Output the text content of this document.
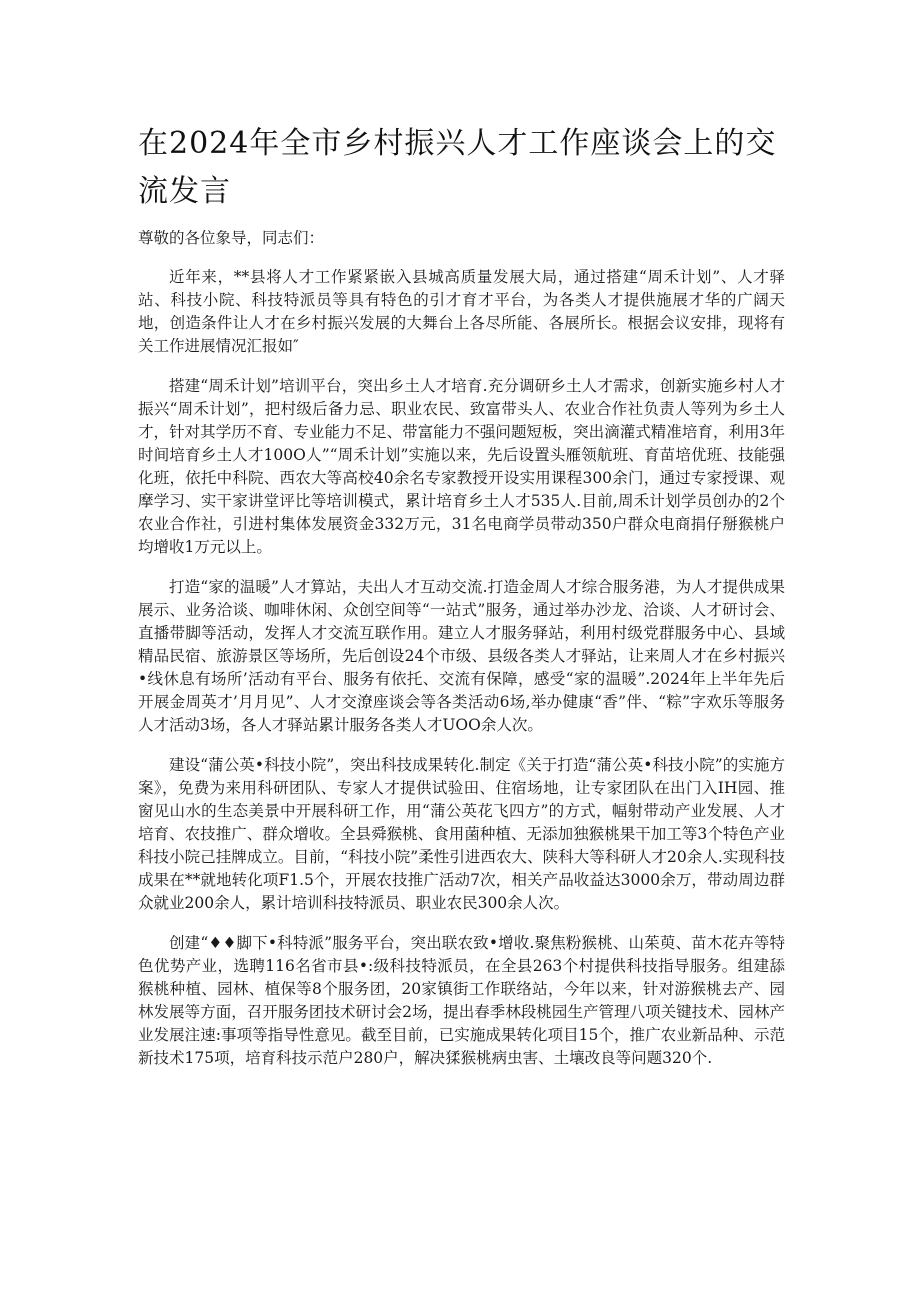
在2024年全市乡村振兴人才工作座谈会上的交流发言

尊敬的各位象导，同志们：

近年来，**县将人才工作紧紧嵌入县城高质量发展大局，通过搭建“周禾计划”、人才驿站、科技小院、科技特派员等具有特色的引才育才平台，为各类人才提供施展才华的广阔天地，创造条件让人才在乡村振兴发展的大舞台上各尽所能、各展所长。根据会议安排，现将有关工作进展情况汇报如″

搭建“周禾计划”培训平台，突出乡土人才培育.充分调研乡土人才需求，创新实施乡村人才振兴“周禾计划”，把村级后备力忌、职业农民、致富带头人、农业合作社负责人等列为乡土人才，针对其学历不育、专业能力不足、带富能力不强问题短板，突出滴灌式精准培育，利用3年时间培育乡土人才100O人”“周禾计划”实施以来，先后设置头雁领航班、育苗培优班、技能强化班，依托中科院、西农大等高校40余名专家教授开设实用课程300余门，通过专家授课、观摩学习、实干家讲堂评比等培训模式，累计培育乡土人才535人.目前,周禾计划学员创办的2个农业合作社，引进村集体发展资金332万元，31名电商学员带动350户群众电商捐仔掰猴桃户均增收1万元以上。

打造“家的温暖”人才算站，夫出人才互动交流.打造金周人才综合服务港，为人才提供成果展示、业务洽谈、咖啡休闲、众创空间等“一站式”服务，通过举办沙龙、洽谈、人才研讨会、直播带脚等活动，发挥人才交流互联作用。建立人才服务驿站，利用村级党群服务中心、县域精品民宿、旅游景区等场所，先后创设24个市级、县级各类人才驿站，让来周人才在乡村振兴•线休息有场所’活动有平台、服务有依托、交流有保障，感受“家的温暖”.2024年上半年先后开展金周英才’月月见”、人才交潦座谈会等各类活动6场,举办健康“香”伴、“粽”字欢乐等服务人才活动3场，各人才驿站累计服务各类人才UOO余人次。

建设“蒲公英•科技小院”，突出科技成果转化.制定《关于打造“蒲公英•科技小院”的实施方案》，免费为来用科研团队、专家人才提供试验田、住宿场地，让专家团队在出门入IH园、推窗见山水的生态美景中开展科研工作，用“蒲公英花飞四方”的方式，幅射带动产业发展、人才培育、农技推广、群众增收。全县舜猴桃、食用菌种植、无添加独猴桃果干加工等3个特色产业科技小院己挂牌成立。目前，“科技小院”柔性引进西农大、陕科大等科研人才20余人.实现科技成果在**就地转化项F1.5个，开展农技推广活动7次，相关产品收益达3000余万，带动周边群众就业200余人，累计培训科技特派员、职业农民300余人次。

创建“♦♦脚下•科特派”服务平台，突出联农致•增收.聚焦粉猴桃、山茱萸、苗木花卉等特色优势产业，选聘116名省市县•:级科技特派员，在全县263个村提供科技指导服务。组建舔猴桃种植、园林、植保等8个服务团，20家镇街工作联络站，今年以来，针对游猴桃去产、园林发展等方面，召开服务团技术研讨会2场，提出春季林段桃园生产管理八项关键技术、园林产业发展注速:事项等指导性意见。截至目前，已实施成果转化项目15个，推广农业新品种、示范新技术175项，培育科技示范户280户，解决猱猴桃病虫害、土壤改良等问题320个.
